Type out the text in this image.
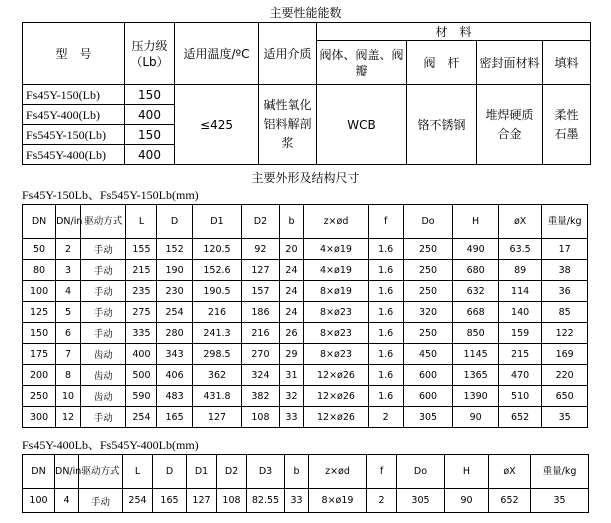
主要性能能数
型　号	压力级（Lb）	适用温度/ºC	适用介质	材　料			
				阀体、阀盖、阀瓣	阀　杆	密封面材料	填料
Fs45Y-150(Lb)	150	≤425	碱性氧化铝料解剖浆	WCB	铬不锈钢	堆焊硬质合金	柔性石墨
Fs45Y-400(Lb)	400						
Fs545Y-150(Lb)	150						
Fs545Y-400(Lb)	400						
主要外形及结构尺寸
Fs45Y-150Lb、Fs545Y-150Lb(mm)
DN	DN/in	驱动方式	L	D	D1	D2	b	z×ød	f	Do	H	øX	重量/kg
50	2	手动	155	152	120.5	92	20	4×ø19	1.6	250	490	63.5	17
80	3	手动	215	190	152.6	127	24	4×ø19	1.6	250	680	89	38
100	4	手动	235	230	190.5	157	24	8×ø19	1.6	250	632	114	36
125	5	手动	275	254	216	186	24	8×ø23	1.6	320	668	140	85
150	6	手动	335	280	241.3	216	26	8×ø23	1.6	250	850	159	122
175	7	齿动	400	343	298.5	270	29	8×ø23	1.6	450	1145	215	169
200	8	齿动	500	406	362	324	31	12×ø26	1.6	600	1365	470	220
250	10	齿动	590	483	431.8	382	32	12×ø26	1.6	600	1390	510	650
300	12	手动	254	165	127	108	33	12×ø26	2	305	90	652	35
Fs45Y-400Lb、Fs545Y-400Lb(mm)
DN	DN/in	驱动方式	L	D	D1	D2	D3	b	z×ød	f	Do	H	øX	重量/kg
100	4	手动	254	165	127	108	82.55	33	8×ø19	2	305	90	652	35
